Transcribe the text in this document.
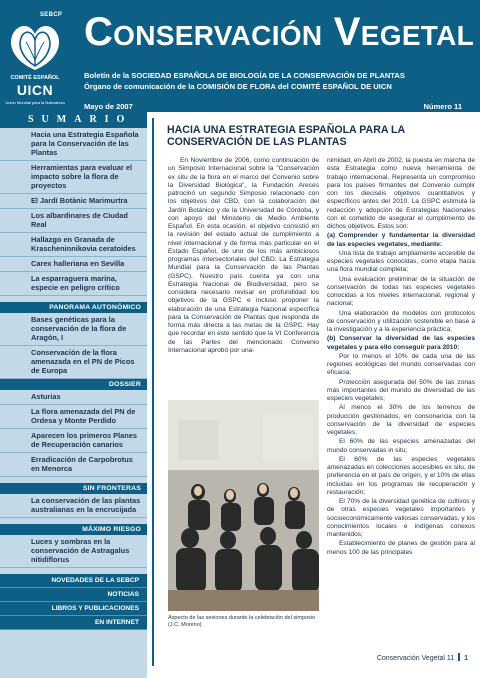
SEBCP
COMITÉ ESPAÑOL
UICN
Unión Mundial para la Naturaleza
Conservación Vegetal
Boletín de la SOCIEDAD ESPAÑOLA DE BIOLOGÍA DE LA CONSERVACIÓN DE PLANTAS
Órgano de comunicación de la COMISIÓN DE FLORA del COMITÉ ESPAÑOL DE UICN
Mayo de 2007	Número 11
SUMARIO
Hacia una Estrategia Española para la Conservación de las Plantas
Herramientas para evaluar el impacto sobre la flora de proyectos
El Jardí Botànic Marimurtra
Los albardinares de Ciudad Real
Hallazgo en Granada de Krascheninnikovia ceratoides
Carex halleriana en Sevilla
La esparraguera marina, especie en peligro crítico
PANORAMA AUTONÓMICO
Bases genéticas para la conservación de la flora de Aragón, I
Conservación de la flora amenazada en el PN de Picos de Europa
DOSSIER
Asturias
La flora amenazada del PN de Ordesa y Monte Perdido
Aparecen los primeros Planes de Recuperación canarios
Erradicación de Carpobrotus en Menorca
SIN FRONTERAS
La conservación de las plantas australianas en la encrucijada
MÁXIMO RIESGO
Luces y sombras en la conservación de Astragalus nitidiflorus
NOVEDADES DE LA SEBCP
NOTICIAS
LIBROS Y PUBLICACIONES
EN INTERNET
HACIA UNA ESTRATEGIA ESPAÑOLA PARA LA CONSERVACIÓN DE LAS PLANTAS

En Noviembre de 2006, como continuación de un Simposio Internacional sobre la "Conservación ex situ de la flora en el marco del Convenio sobre la Diversidad Biológica", la Fundación Areces patrocinó un segundo Simposio relacionado con los objetivos del CBD, con la colaboración del Jardín Botánico y de la Universidad de Córdoba, y con apoyo del Ministerio de Medio Ambiente Español. En esta ocasión, el objetivo consistió en la revisión del estado actual de cumplimiento a nivel internacional y de forma más particular en el Estado Español, de uno de los más ambiciosos programas intersectoriales del CBD: La Estrategia Mundial para la Conservación de las Plantas (GSPC). Nuestro país cuenta ya con una Estrategia Nacional de Biodiversidad, pero se considera necesario revisar en profundidad los objetivos de la GSPC e incluso proponer la elaboración de una Estrategia Nacional específica para la Conservación de Plantas que responda de forma más directa a las metas de la GSPC. Hay que recordar en este sentido que la VI Conferencia de las Partes del mencionado Convenio Internacional aprobó por una-

Aspecto de las sesiones durante la celebración del simposio (J.C. Moreno)

nimidad, en Abril de 2002, la puesta en marcha de esta Estrategia como nueva herramienta de trabajo internacional. Representa un compromiso para los países firmantes del Convenio cumplir con los dieciséis objetivos cuantitativos y específicos antes del 2010. La GSPC estimula la redacción y adopción de Estrategias Nacionales con el cometido de asegurar el cumplimiento de dichos objetivos. Estos son:

(a) Comprender y fundamentar la diversidad de las especies vegetales, mediante:

Una lista de trabajo ampliamente accesible de especies vegetales conocidas, como etapa hacia una flora mundial completa;

Una evaluación preliminar de la situación de conservación de todas las especies vegetales conocidas a los niveles internacional, regional y nacional;

Una elaboración de modelos con protocolos de conservación y utilización sostenible en base a la investigación y a la experiencia práctica;

(b) Conservar la diversidad de las especies vegetales y para ello conseguir para 2010:

Por lo menos el 10% de cada una de las regiones ecológicas del mundo conservadas con eficacia;

Protección asegurada del 50% de las zonas más importantes del mundo de diversidad de las especies vegetales;

Al menos el 30% de los terrenos de producción gestionados, en consonancia con la conservación de la diversidad de especies vegetales;

El 60% de las especies amenazadas del mundo conservadas in situ;

El 60% de las especies vegetales amenazadas en colecciones accesibles ex situ, de preferencia en el país de origen, y el 10% de ellas incluidas en los programas de recuperación y restauración;

El 70% de la diversidad genética de cultivos y de otras especies vegetales importantes y socioeconómicamente valiosas conservadas, y los conocimientos locales e indígenas conexos mantenidos;

Establecimiento de planes de gestión para al menos 100 de las principales

Conservación Vegetal 11 1
